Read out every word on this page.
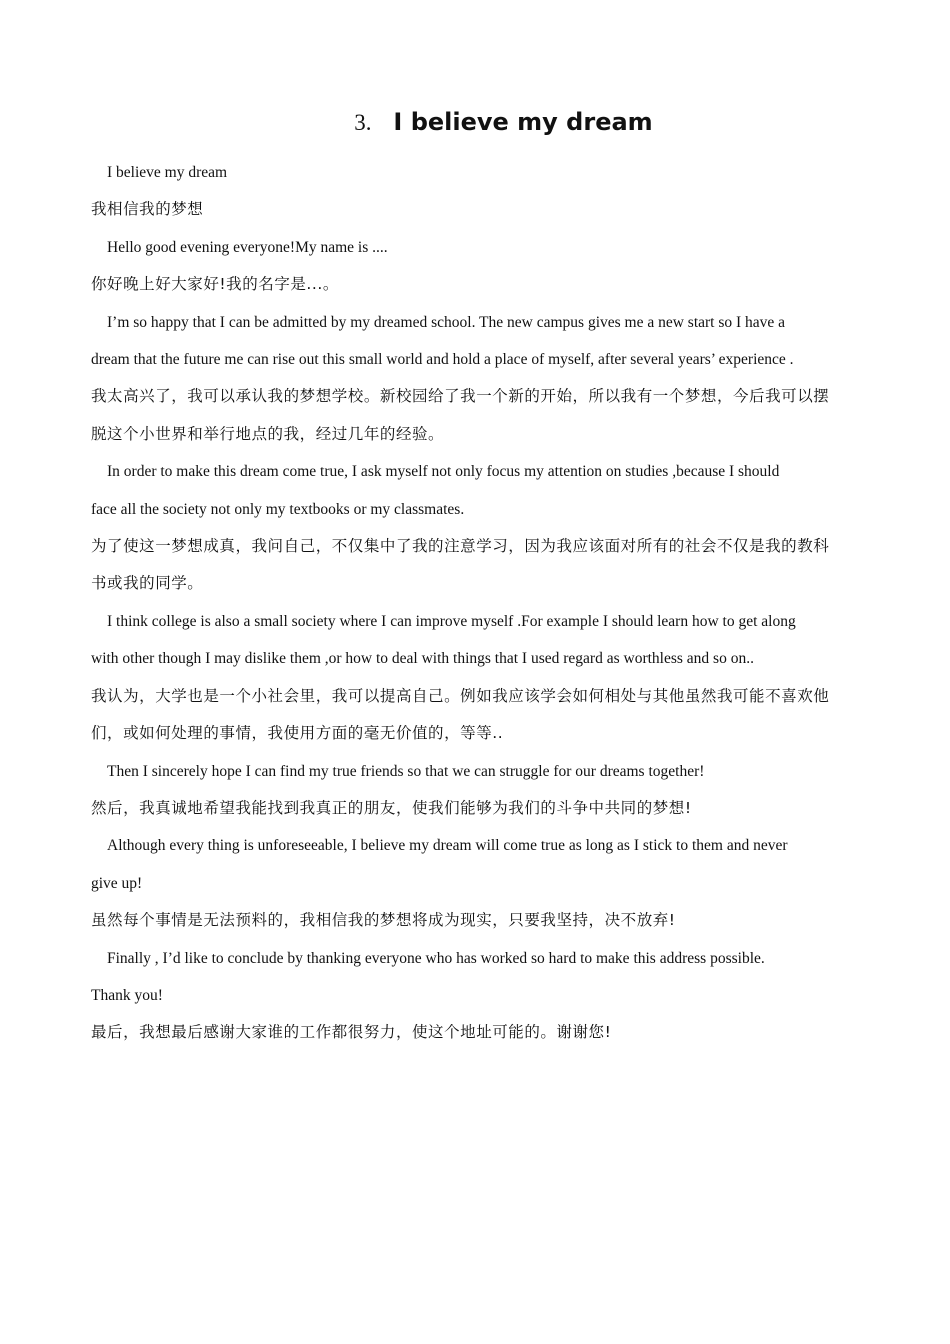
3. I believe my dream

I believe my dream

我相信我的梦想

Hello good evening everyone!My name is ....

你好晚上好大家好!我的名字是...。

I’m so happy that I can be admitted by my dreamed school. The new campus gives me a new start so I have a

dream that the future me can rise out this small world and hold a place of myself, after several years’ experience .

我太高兴了，我可以承认我的梦想学校。新校园给了我一个新的开始，所以我有一个梦想，今后我可以摆

脱这个小世界和举行地点的我，经过几年的经验。

In order to make this dream come true, I ask myself not only focus my attention on studies ,because I should

face all the society not only my textbooks or my classmates.

为了使这一梦想成真，我问自己，不仅集中了我的注意学习，因为我应该面对所有的社会不仅是我的教科

书或我的同学。

I think college is also a small society where I can improve myself .For example I should learn how to get along

with other though I may dislike them ,or how to deal with things that I used regard as worthless and so on..

我认为，大学也是一个小社会里，我可以提高自己。例如我应该学会如何相处与其他虽然我可能不喜欢他

们，或如何处理的事情，我使用方面的毫无价值的，等等..

Then I sincerely hope I can find my true friends so that we can struggle for our dreams together!

然后，我真诚地希望我能找到我真正的朋友，使我们能够为我们的斗争中共同的梦想!

Although every thing is unforeseeable, I believe my dream will come true as long as I stick to them and never

give up!

虽然每个事情是无法预料的，我相信我的梦想将成为现实，只要我坚持，决不放弃!

Finally , I’d like to conclude by thanking everyone who has worked so hard to make this address possible.

Thank you!

最后，我想最后感谢大家谁的工作都很努力，使这个地址可能的。谢谢您!
